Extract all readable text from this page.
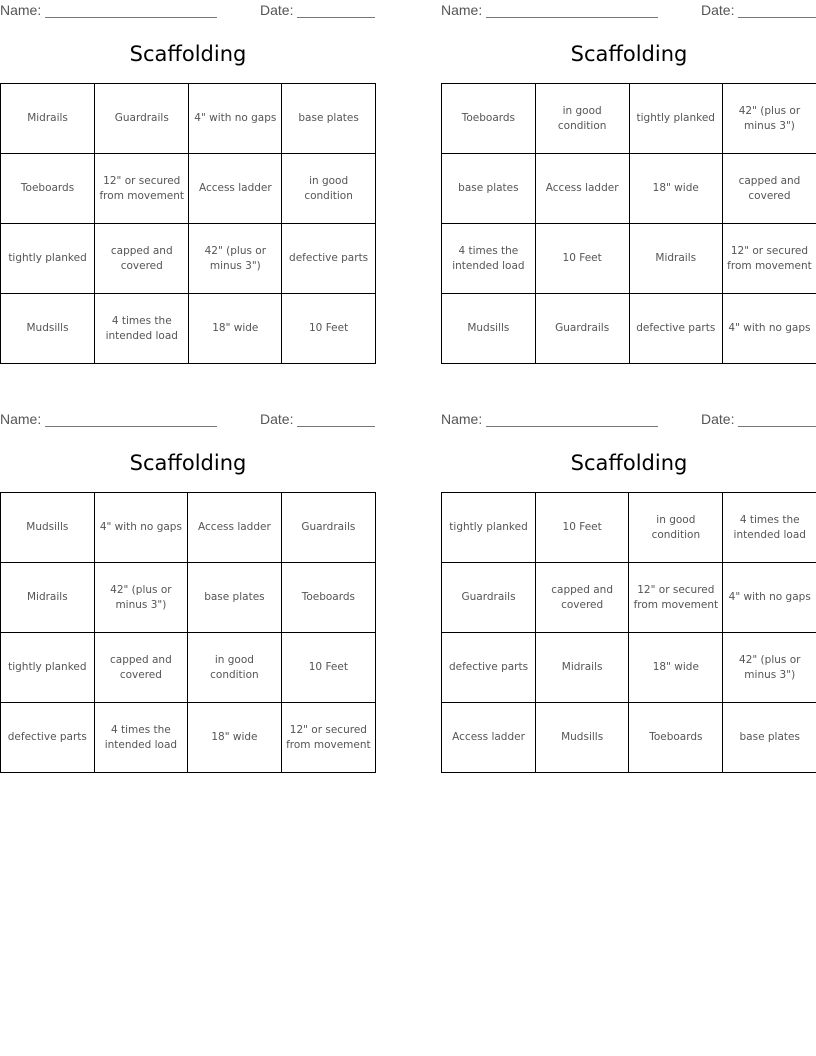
Name:	Date:
Scaffolding
Midrails	Guardrails	4" with no gaps	base plates
Toeboards	12" or secured from movement	Access ladder	in good condition
tightly planked	capped and covered	42" (plus or minus 3")	defective parts
Mudsills	4 times the intended load	18" wide	10 Feet
Name:	Date:
Scaffolding
Toeboards	in good condition	tightly planked	42" (plus or minus 3")
base plates	Access ladder	18" wide	capped and covered
4 times the intended load	10 Feet	Midrails	12" or secured from movement
Mudsills	Guardrails	defective parts	4" with no gaps
Name:	Date:
Scaffolding
Mudsills	4" with no gaps	Access ladder	Guardrails
Midrails	42" (plus or minus 3")	base plates	Toeboards
tightly planked	capped and covered	in good condition	10 Feet
defective parts	4 times the intended load	18" wide	12" or secured from movement
Name:	Date:
Scaffolding
tightly planked	10 Feet	in good condition	4 times the intended load
Guardrails	capped and covered	12" or secured from movement	4" with no gaps
defective parts	Midrails	18" wide	42" (plus or minus 3")
Access ladder	Mudsills	Toeboards	base plates
